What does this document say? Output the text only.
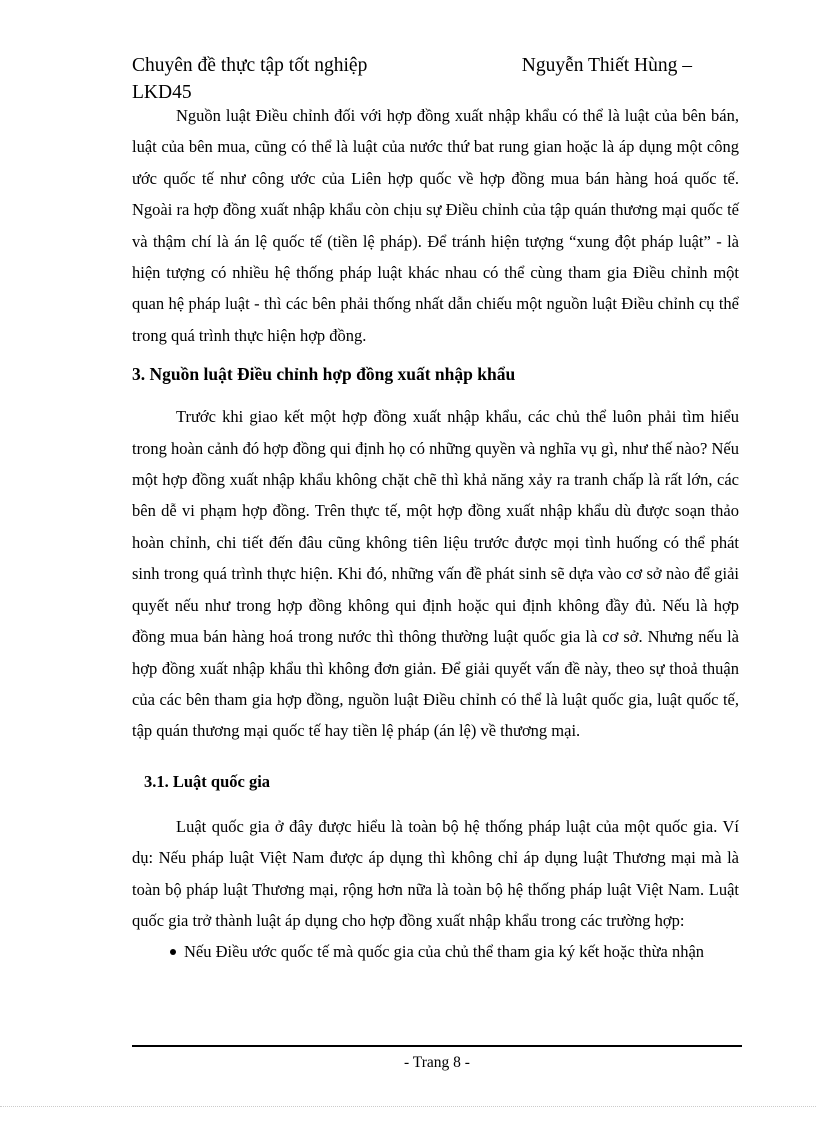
Chuyên đề thực tập tốt nghiệp	Nguyễn Thiết Hùng –
LKD45

Nguồn luật Điều chỉnh đối với hợp đồng xuất nhập khẩu có thể là luật của bên bán, luật của bên mua, cũng có thể là luật của nước thứ bat rung gian hoặc là áp dụng một công ước quốc tế như công ước của Liên hợp quốc về hợp đồng mua bán hàng hoá quốc tế. Ngoài ra hợp đồng xuất nhập khẩu còn chịu sự Điều chỉnh của tập quán thương mại quốc tế và thậm chí là án lệ quốc tế (tiền lệ pháp). Để tránh hiện tượng “xung đột pháp luật” - là hiện tượng có nhiều hệ thống pháp luật khác nhau có thể cùng tham gia Điều chỉnh một quan hệ pháp luật - thì các bên phải thống nhất dẫn chiếu một nguồn luật Điều chỉnh cụ thể trong quá trình thực hiện hợp đồng.

3. Nguồn luật Điều chỉnh hợp đồng xuất nhập khẩu

Trước khi giao kết một hợp đồng xuất nhập khẩu, các chủ thể luôn phải tìm hiểu trong hoàn cảnh đó hợp đồng qui định họ có những quyền và nghĩa vụ gì, như thế nào? Nếu một hợp đồng xuất nhập khẩu không chặt chẽ thì khả năng xảy ra tranh chấp là rất lớn, các bên dễ vi phạm hợp đồng. Trên thực tế, một hợp đồng xuất nhập khẩu dù được soạn thảo hoàn chỉnh, chi tiết đến đâu cũng không tiên liệu trước được mọi tình huống có thể phát sinh trong quá trình thực hiện. Khi đó, những vấn đề phát sinh sẽ dựa vào cơ sở nào để giải quyết nếu như trong hợp đồng không qui định hoặc qui định không đầy đủ. Nếu là hợp đồng mua bán hàng hoá trong nước thì thông thường luật quốc gia là cơ sở. Nhưng nếu là hợp đồng xuất nhập khẩu thì không đơn giản. Để giải quyết vấn đề này, theo sự thoả thuận của các bên tham gia hợp đồng, nguồn luật Điều chỉnh có thể là luật quốc gia, luật quốc tế, tập quán thương mại quốc tế hay tiền lệ pháp (án lệ) về thương mại.

3.1. Luật quốc gia

Luật quốc gia ở đây được hiểu là toàn bộ hệ thống pháp luật của một quốc gia. Ví dụ: Nếu pháp luật Việt Nam được áp dụng thì không chỉ áp dụng luật Thương mại mà là toàn bộ pháp luật Thương mại, rộng hơn nữa là toàn bộ hệ thống pháp luật Việt Nam. Luật quốc gia trở thành luật áp dụng cho hợp đồng xuất nhập khẩu trong các trường hợp:

Nếu Điều ước quốc tế mà quốc gia của chủ thể tham gia ký kết hoặc thừa nhận
- Trang 8 -
